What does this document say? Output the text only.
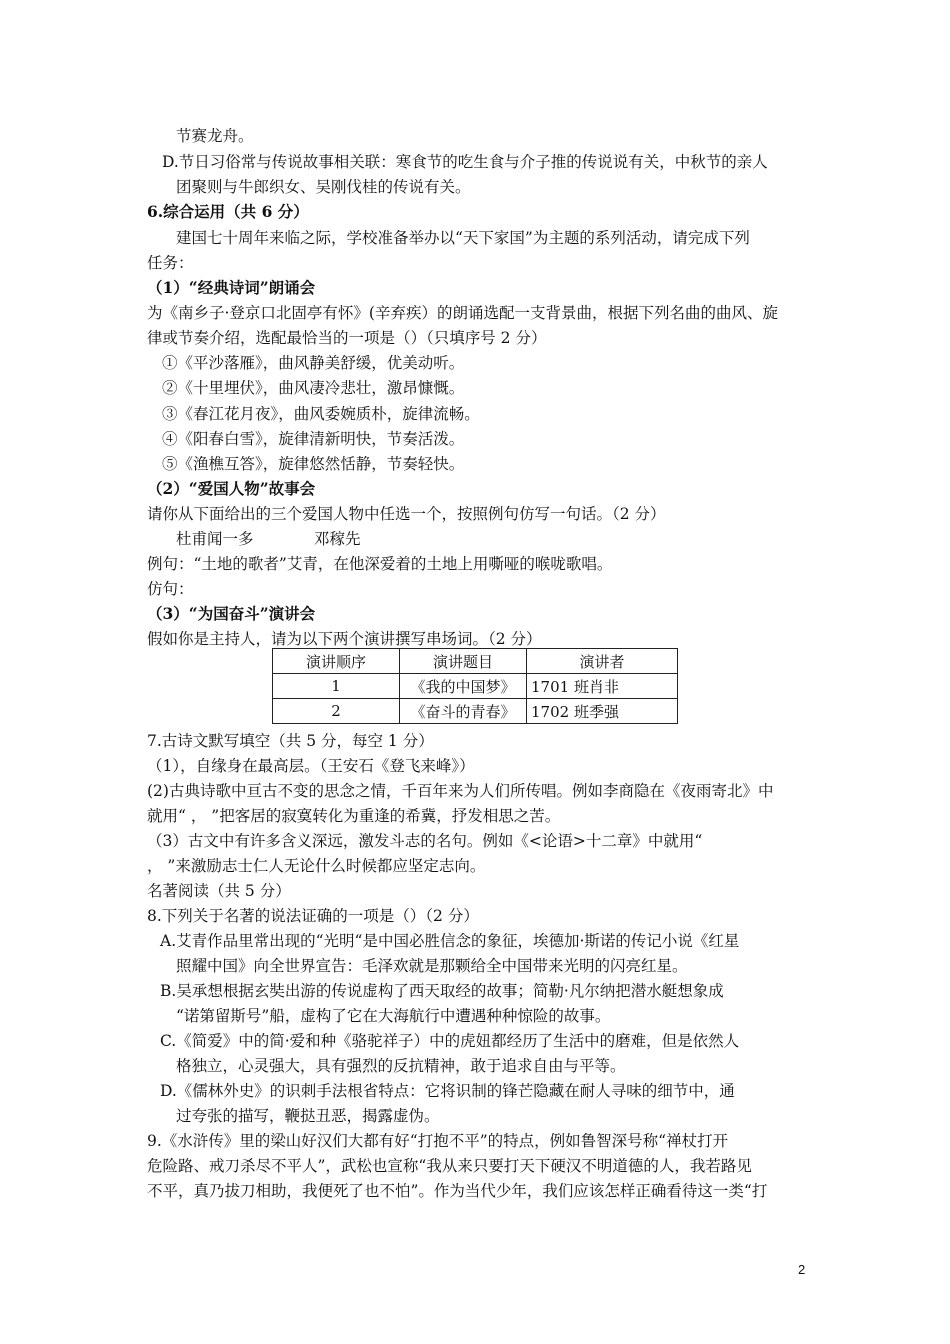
节赛龙舟。
D.节日习俗常与传说故事相关联：寒食节的吃生食与介子推的传说说有关，中秋节的亲人
团聚则与牛郎织女、吴刚伐桂的传说有关。
6.综合运用（共 6 分）
建国七十周年来临之际，学校准备举办以“天下家国”为主题的系列活动，请完成下列
任务：
（1）“经典诗词”朗诵会
为《南乡子·登京口北固亭有怀》(辛弃疾）的朗诵选配一支背景曲，根据下列名曲的曲风、旋
律或节奏介绍，选配最恰当的一项是（）（只填序号 2 分）
①《平沙落雁》，曲风静美舒缓，优美动听。
②《十里埋伏》，曲风凄冷悲壮，激昂慷慨。
③《春江花月夜》，曲风委婉质朴，旋律流畅。
④《阳春白雪》，旋律清新明快，节奏活泼。
⑤《渔樵互答》，旋律悠然恬静，节奏轻快。
（2）“爱国人物”故事会
请你从下面给出的三个爱国人物中任选一个，按照例句仿写一句话。（2 分）
杜甫闻一多	邓稼先
例句：“土地的歌者”艾青，在他深爱着的土地上用嘶哑的喉咙歌唱。
仿句：
（3）“为国奋斗”演讲会
假如你是主持人，请为以下两个演讲撰写串场词。（2 分）
演讲顺序	演讲题目	演讲者
1	《我的中国梦》	1701 班肖非
2	《奋斗的青春》	1702 班季强
7.古诗文默写填空（共 5 分，每空 1 分）
（1），自缘身在最高层。（王安石《登飞来峰》）
(2)古典诗歌中亘古不变的思念之情，千百年来为人们所传唱。例如李商隐在《夜雨寄北》中
就用“ ， ”把客居的寂寞转化为重逢的希冀，抒发相思之苦。
（3）古文中有许多含义深远，激发斗志的名句。例如《<论语>十二章》中就用“
， ”来激励志士仁人无论什么时候都应坚定志向。
名著阅读（共 5 分）
8.下列关于名著的说法证确的一项是（）（2 分）
A.艾青作品里常出现的“光明“是中国必胜信念的象征，埃德加·斯诺的传记小说《红星
照耀中国》向全世界宣告：毛泽欢就是那颗给全中国带来光明的闪亮红星。
B.吴承想根据玄奘出游的传说虚构了西天取经的故事；简勒·凡尔纳把潜水艇想象成
“诺第留斯号”船，虚构了它在大海航行中遭遇种种惊险的故事。
C.《简爱》中的简·爱和种《骆驼祥子）中的虎妞都经历了生活中的磨难，但是依然人
格独立，心灵强大，具有强烈的反抗精神，敢于追求自由与平等。
D.《儒林外史》的识刺手法根省特点：它将识制的锋芒隐藏在耐人寻味的细节中，通
过夸张的描写，鞭挞丑恶，揭露虚伪。
9.《水浒传》里的梁山好汉们大都有好“打抱不平”的特点，例如鲁智深号称“禅杖打开
危险路、戒刀杀尽不平人”，武松也宣称“我从来只要打天下硬汉不明道德的人，我若路见
不平，真乃拔刀相助，我便死了也不怕”。作为当代少年，我们应该怎样正确看待这一类“打
2
